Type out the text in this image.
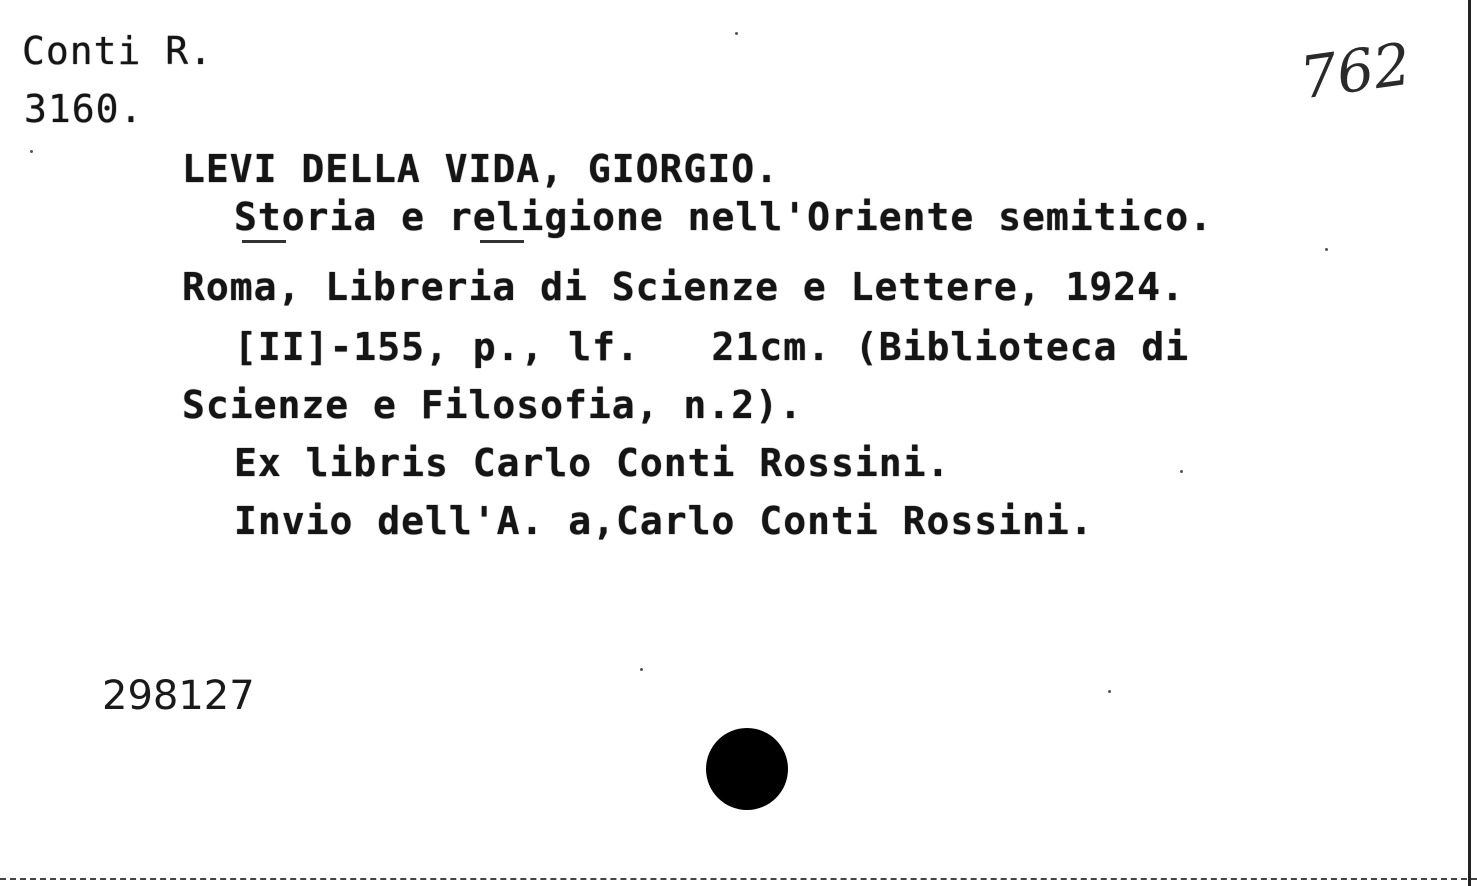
Conti R.
3160.	762
LEVI DELLA VIDA, GIORGIO.
Storia e religione nell'Oriente semitico.
Roma, Libreria di Scienze e Lettere, 1924.
[II]-155, p., lf.   21cm. (Biblioteca di
Scienze e Filosofia, n.2).
Ex libris Carlo Conti Rossini.
Invio dell'A. a,Carlo Conti Rossini.
298127
